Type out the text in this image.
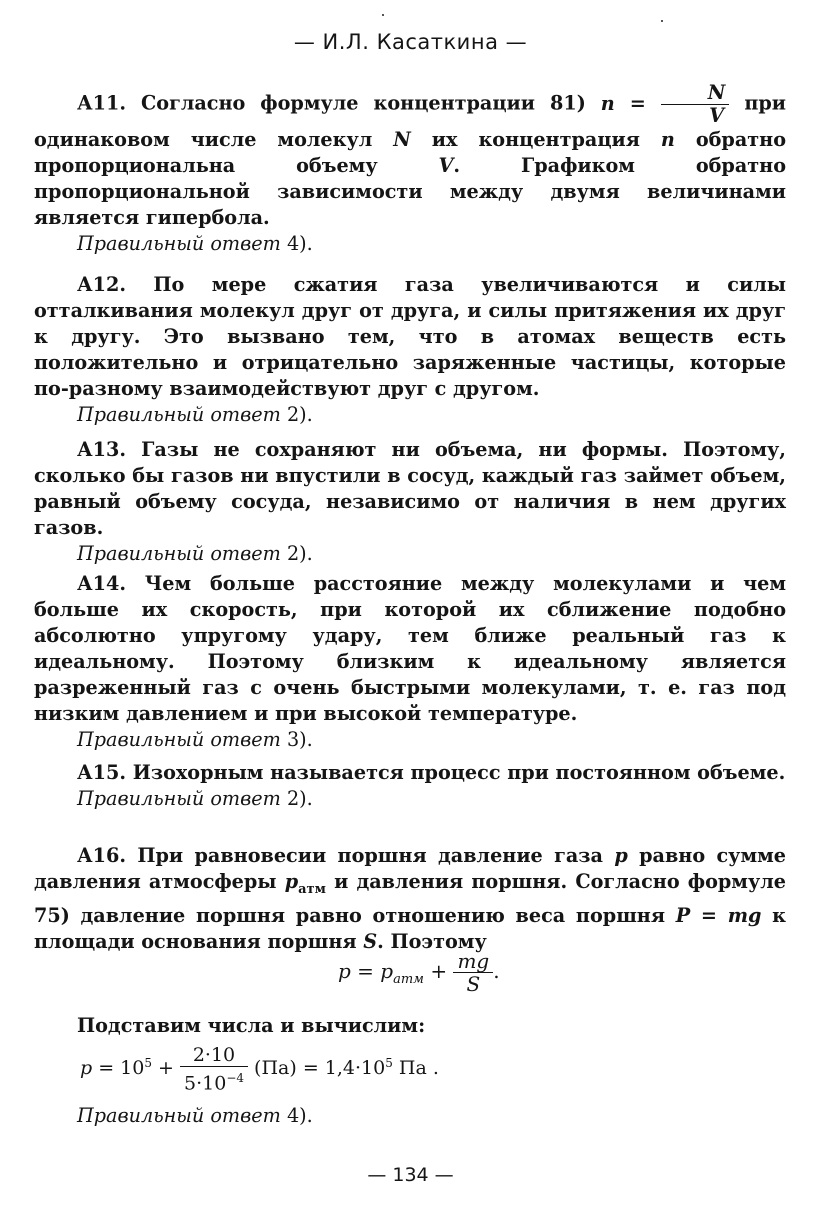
— И.Л. Касаткина —

А11. Согласно формуле концентрации 81) $n = \frac{N}{V}$ при одинаковом числе молекул N их концентрация n обратно пропорциональна объему V. Графиком обратно пропорциональной зависимости между двумя величинами является гипербола.

Правильный ответ 4).

А12. По мере сжатия газа увеличиваются и силы отталкивания молекул друг от друга, и силы притяжения их друг к другу. Это вызвано тем, что в атомах веществ есть положительно и отрицательно заряженные частицы, которые по-разному взаимодействуют друг с другом.

Правильный ответ 2).

А13. Газы не сохраняют ни объема, ни формы. Поэтому, сколько бы газов ни впустили в сосуд, каждый газ займет объем, равный объему сосуда, независимо от наличия в нем других газов.

Правильный ответ 2).

А14. Чем больше расстояние между молекулами и чем больше их скорость, при которой их сближение подобно абсолютно упругому удару, тем ближе реальный газ к идеальному. Поэтому близким к идеальному является разреженный газ с очень быстрыми молекулами, т. е. газ под низким давлением и при высокой температуре.

Правильный ответ 3).

А15. Изохорным называется процесс при постоянном объеме.

Правильный ответ 2).

А16. При равновесии поршня давление газа p равно сумме давления атмосферы $p_{атм}$ и давления поршня. Согласно формуле 75) давление поршня равно отношению веса поршня P = mg к площади основания поршня S. Поэтому

$p = p_{атм} + \frac{mg}{S}$ .

Подставим числа и вычислим:

$p = 10^5 + \frac{2\cdot 10}{5\cdot 10^{-4}} (Па) = 1,4\cdot 10^5$ Па .

Правильный ответ 4).

— 134 —
